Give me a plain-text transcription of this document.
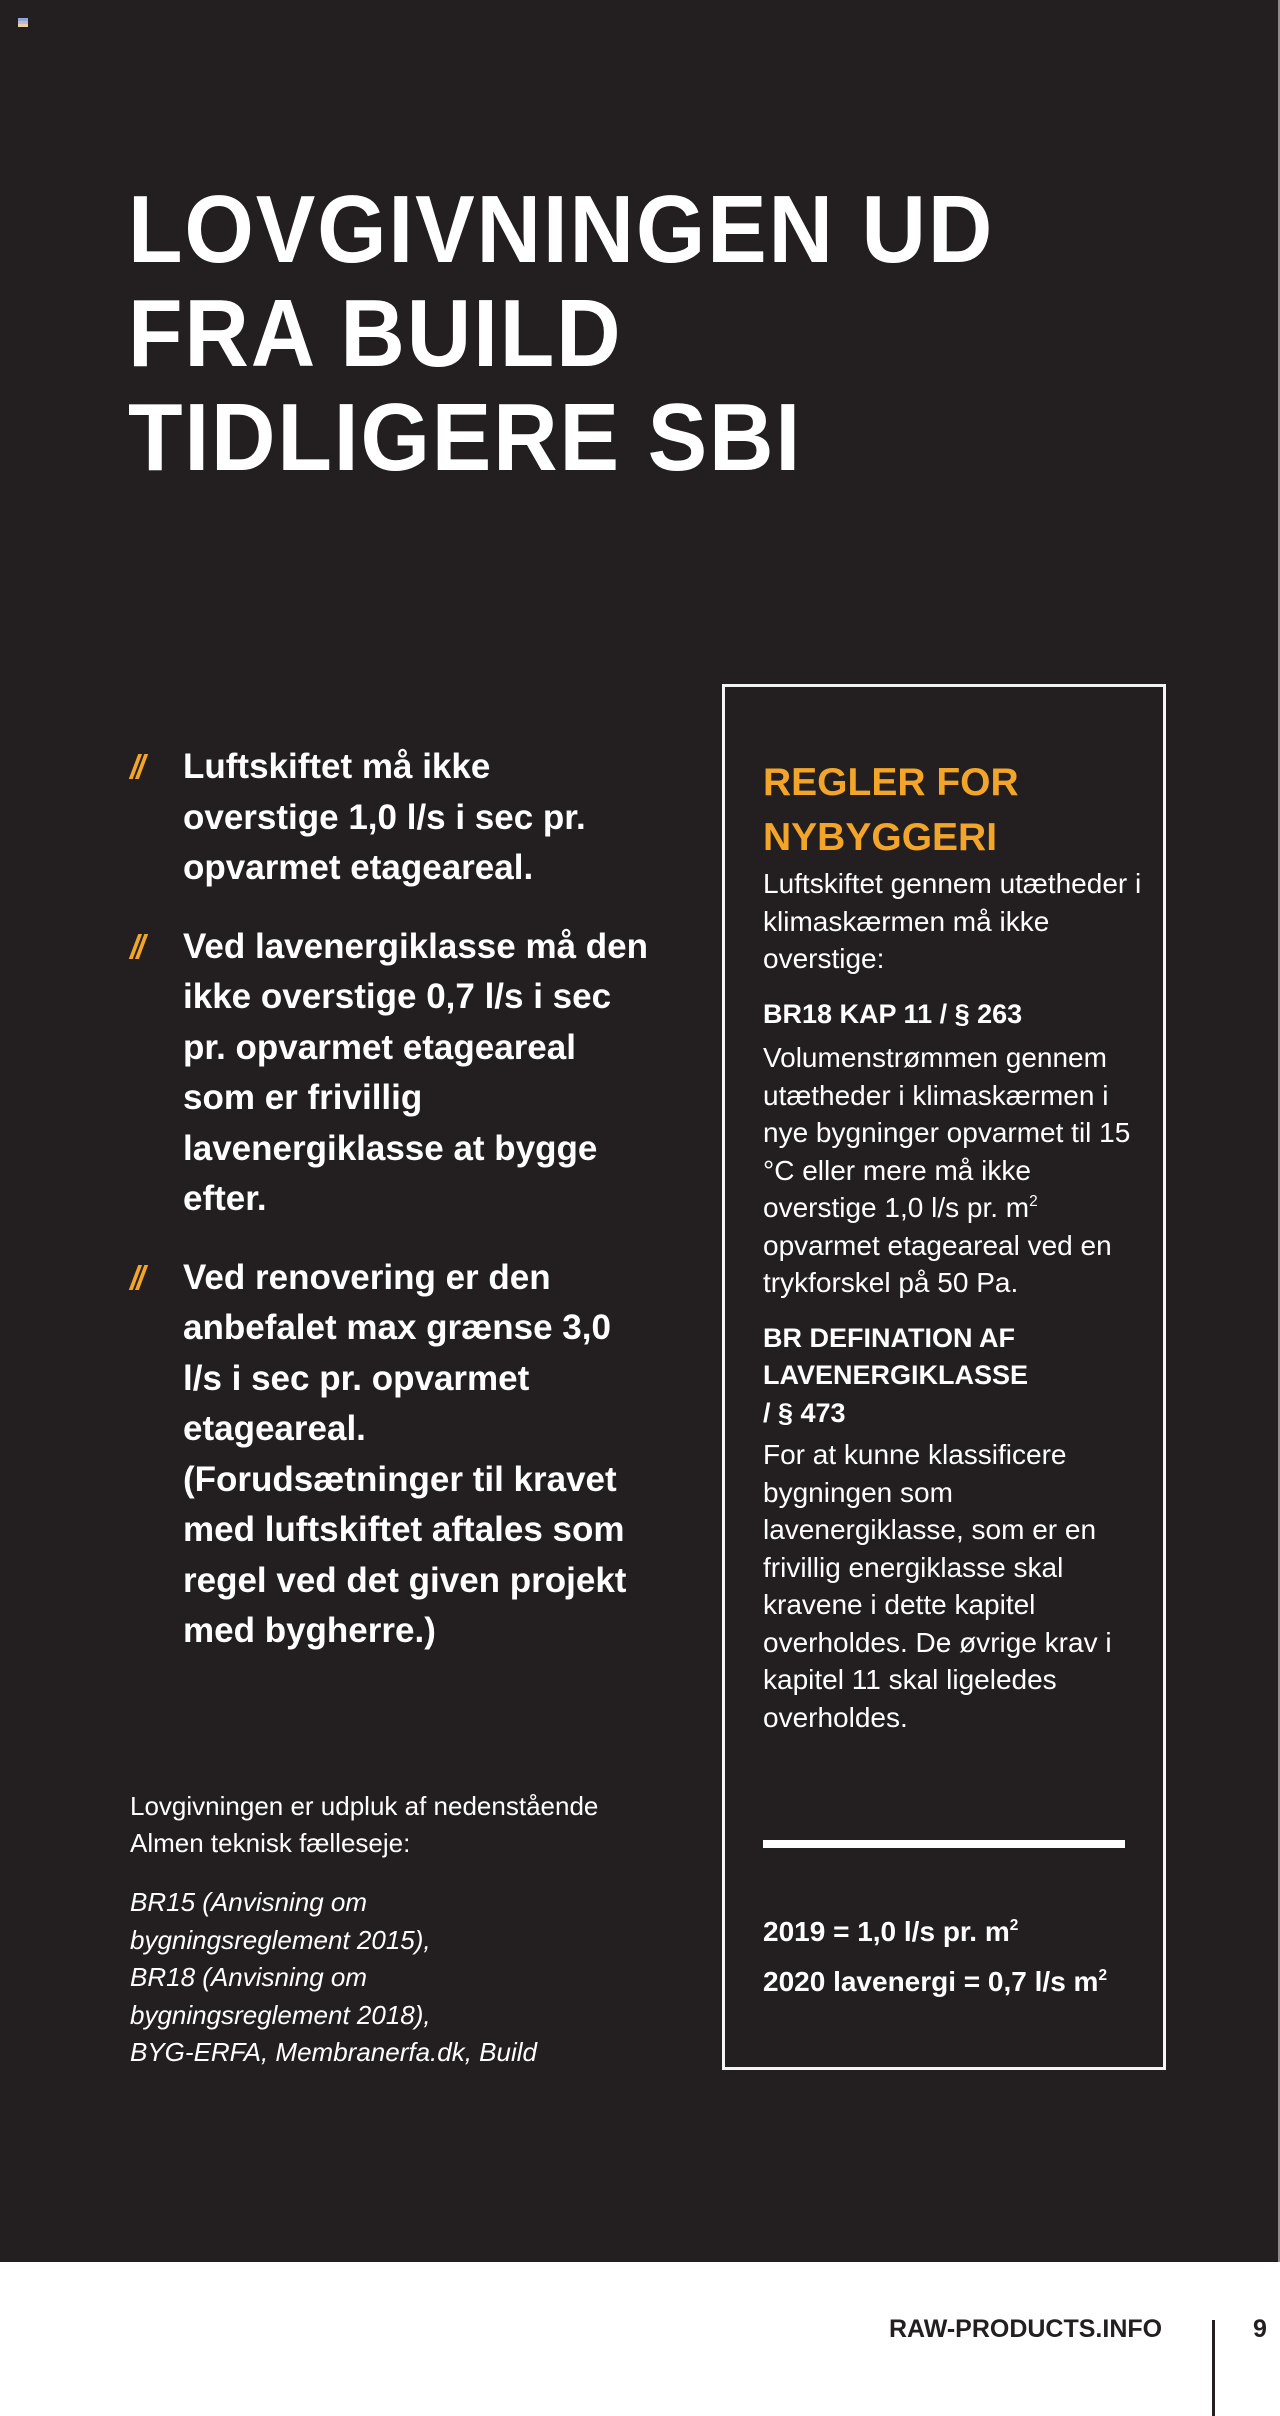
LOVGIVNINGEN UD
FRA BUILD
TIDLIGERE SBI
// Luftskiftet må ikke overstige 1,0 l/s i sec pr. opvarmet etageareal.
// Ved lavenergiklasse må den ikke overstige 0,7 l/s i sec pr. opvarmet etageareal som er frivillig lavenergiklasse at bygge efter.
// Ved renovering er den anbefalet max grænse 3,0 l/s i sec pr. opvarmet etageareal. (Forudsætninger til kravet med luftskiftet aftales som regel ved det given projekt med bygherre.)

Lovgivningen er udpluk af nedenstående Almen teknisk fælleseje:

BR15 (Anvisning om
bygningsreglement 2015),
BR18 (Anvisning om
bygningsreglement 2018),
BYG-ERFA, Membranerfa.dk, Build

REGLER FOR
NYBYGGERI

Luftskiftet gennem utætheder i klimaskærmen må ikke overstige:

BR18 KAP 11 / § 263

Volumenstrømmen gennem utætheder i klimaskærmen i nye bygninger opvarmet til 15 °C eller mere må ikke overstige 1,0 l/s pr. $m^2$ opvarmet etageareal ved en trykforskel på 50 Pa.

BR DEFINATION AF
LAVENERGIKLASSE
/ § 473

For at kunne klassificere bygningen som lavenergiklasse, som er en frivillig energiklasse skal kravene i dette kapitel overholdes. De øvrige krav i kapitel 11 skal ligeledes overholdes.

2019 = 1,0 l/s pr. $m^2$
2020 lavenergi = 0,7 l/s $m^2$
RAW-PRODUCTS.INFO	9
